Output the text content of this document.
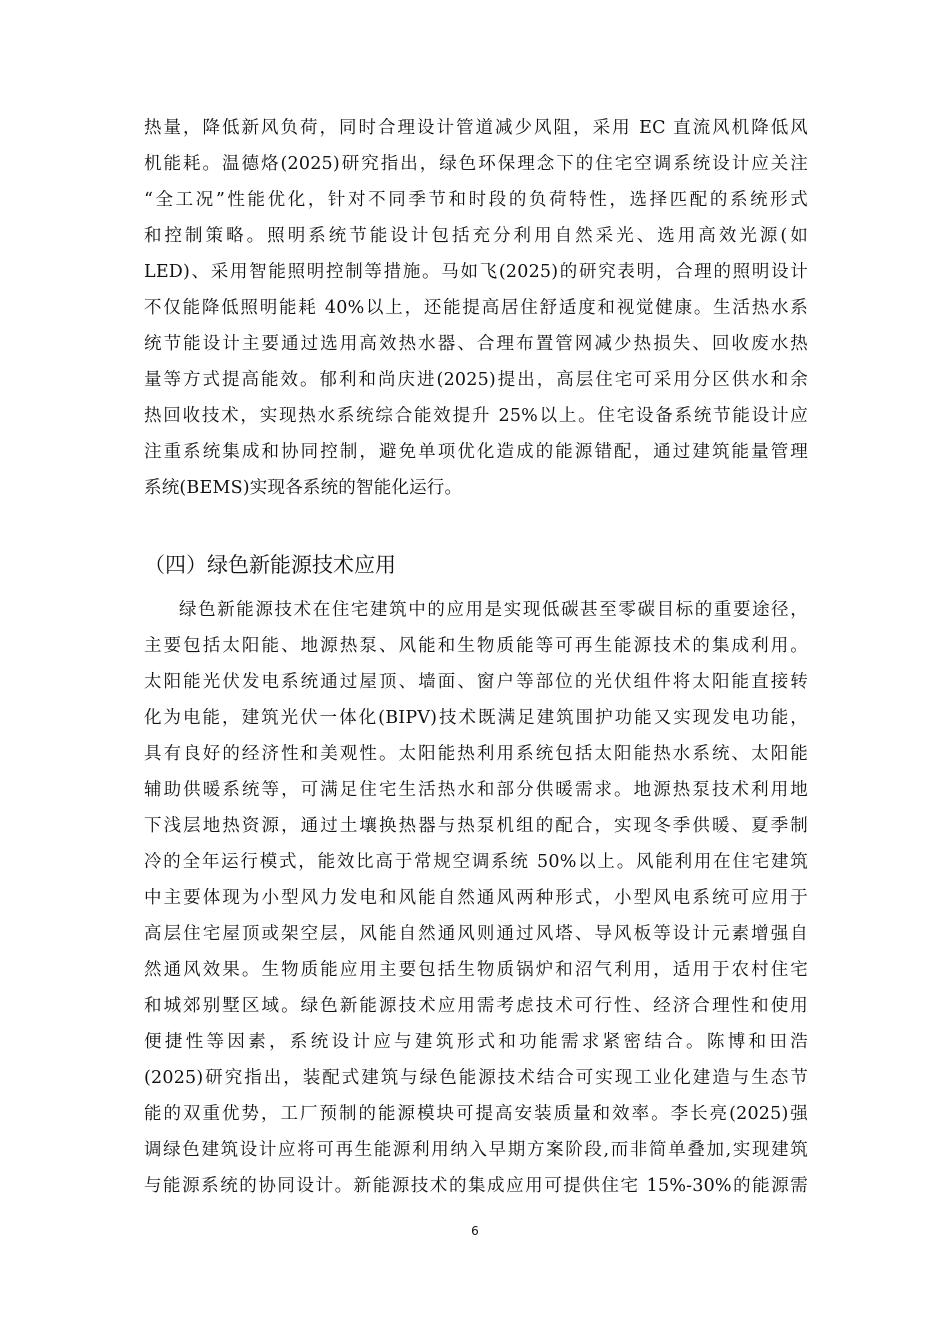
热量，降低新风负荷，同时合理设计管道减少风阻，采用 EC 直流风机降低风
机能耗。温德烙(2025)研究指出，绿色环保理念下的住宅空调系统设计应关注
“全工况”性能优化，针对不同季节和时段的负荷特性，选择匹配的系统形式
和控制策略。照明系统节能设计包括充分利用自然采光、选用高效光源(如
LED)、采用智能照明控制等措施。马如飞(2025)的研究表明，合理的照明设计
不仅能降低照明能耗 40%以上，还能提高居住舒适度和视觉健康。生活热水系
统节能设计主要通过选用高效热水器、合理布置管网减少热损失、回收废水热
量等方式提高能效。郁利和尚庆进(2025)提出，高层住宅可采用分区供水和余
热回收技术，实现热水系统综合能效提升 25%以上。住宅设备系统节能设计应
注重系统集成和协同控制，避免单项优化造成的能源错配，通过建筑能量管理
系统(BEMS)实现各系统的智能化运行。
（四）绿色新能源技术应用
绿色新能源技术在住宅建筑中的应用是实现低碳甚至零碳目标的重要途径，
主要包括太阳能、地源热泵、风能和生物质能等可再生能源技术的集成利用。
太阳能光伏发电系统通过屋顶、墙面、窗户等部位的光伏组件将太阳能直接转
化为电能，建筑光伏一体化(BIPV)技术既满足建筑围护功能又实现发电功能，
具有良好的经济性和美观性。太阳能热利用系统包括太阳能热水系统、太阳能
辅助供暖系统等，可满足住宅生活热水和部分供暖需求。地源热泵技术利用地
下浅层地热资源，通过土壤换热器与热泵机组的配合，实现冬季供暖、夏季制
冷的全年运行模式，能效比高于常规空调系统 50%以上。风能利用在住宅建筑
中主要体现为小型风力发电和风能自然通风两种形式，小型风电系统可应用于
高层住宅屋顶或架空层，风能自然通风则通过风塔、导风板等设计元素增强自
然通风效果。生物质能应用主要包括生物质锅炉和沼气利用，适用于农村住宅
和城郊别墅区域。绿色新能源技术应用需考虑技术可行性、经济合理性和使用
便捷性等因素，系统设计应与建筑形式和功能需求紧密结合。陈博和田浩
(2025)研究指出，装配式建筑与绿色能源技术结合可实现工业化建造与生态节
能的双重优势，工厂预制的能源模块可提高安装质量和效率。李长亮(2025)强
调绿色建筑设计应将可再生能源利用纳入早期方案阶段,而非简单叠加,实现建筑
与能源系统的协同设计。新能源技术的集成应用可提供住宅 15%-30%的能源需
6
